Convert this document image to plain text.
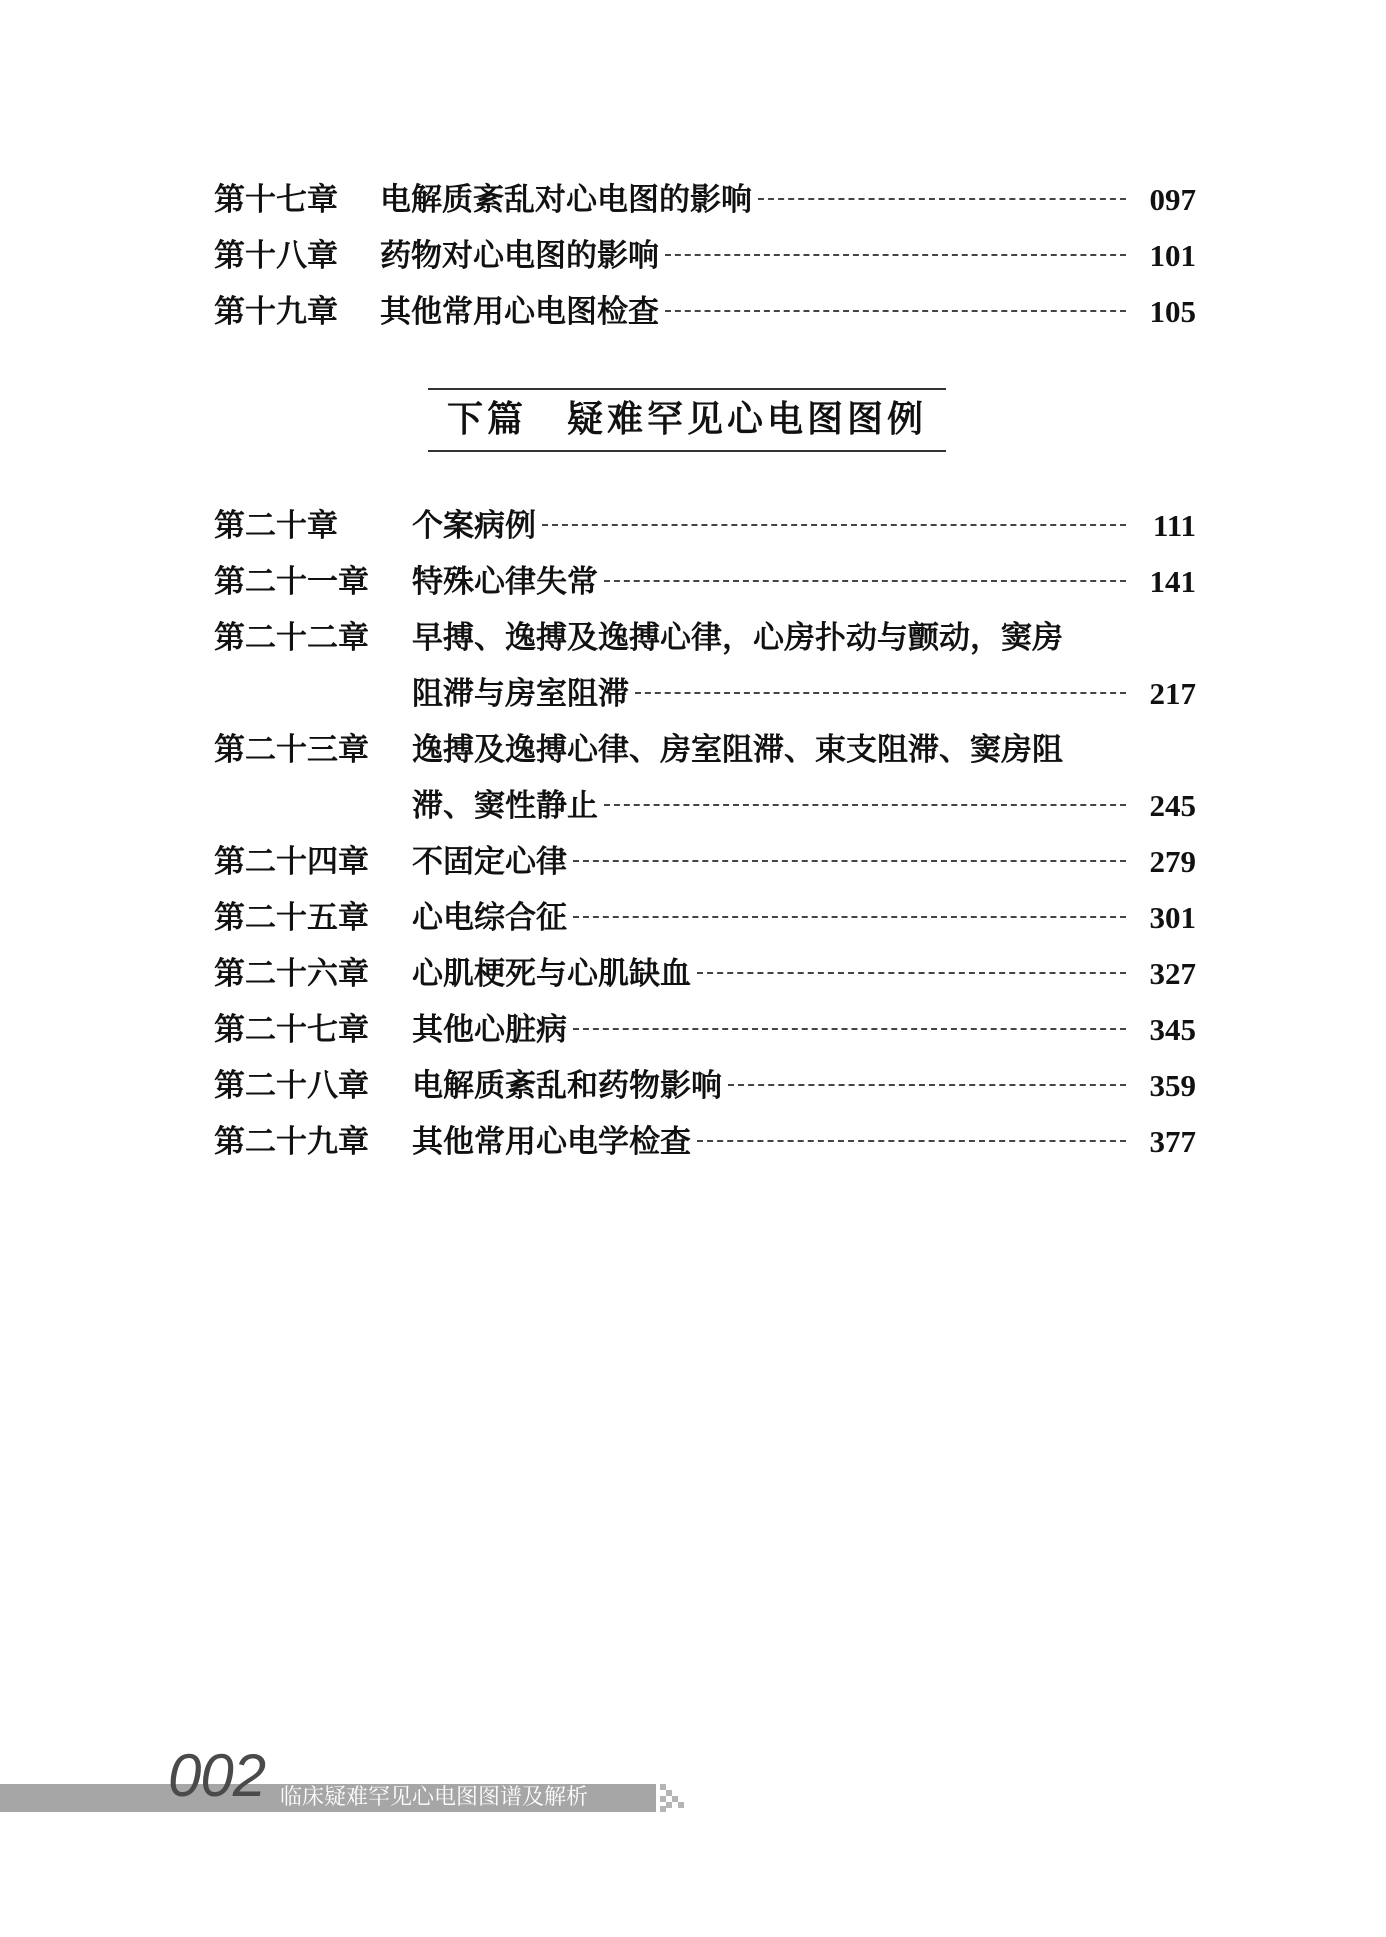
第十七章	电解质紊乱对心电图的影响	097
第十八章	药物对心电图的影响	101
第十九章	其他常用心电图检查	105
下篇　疑难罕见心电图图例
第二十章	个案病例	111
第二十一章	特殊心律失常	141
第二十二章	早搏、逸搏及逸搏心律，心房扑动与颤动，窦房
阻滞与房室阻滞	217
第二十三章	逸搏及逸搏心律、房室阻滞、束支阻滞、窦房阻
滞、窦性静止	245
第二十四章	不固定心律	279
第二十五章	心电综合征	301
第二十六章	心肌梗死与心肌缺血	327
第二十七章	其他心脏病	345
第二十八章	电解质紊乱和药物影响	359
第二十九章	其他常用心电学检查	377
002 临床疑难罕见心电图图谱及解析
